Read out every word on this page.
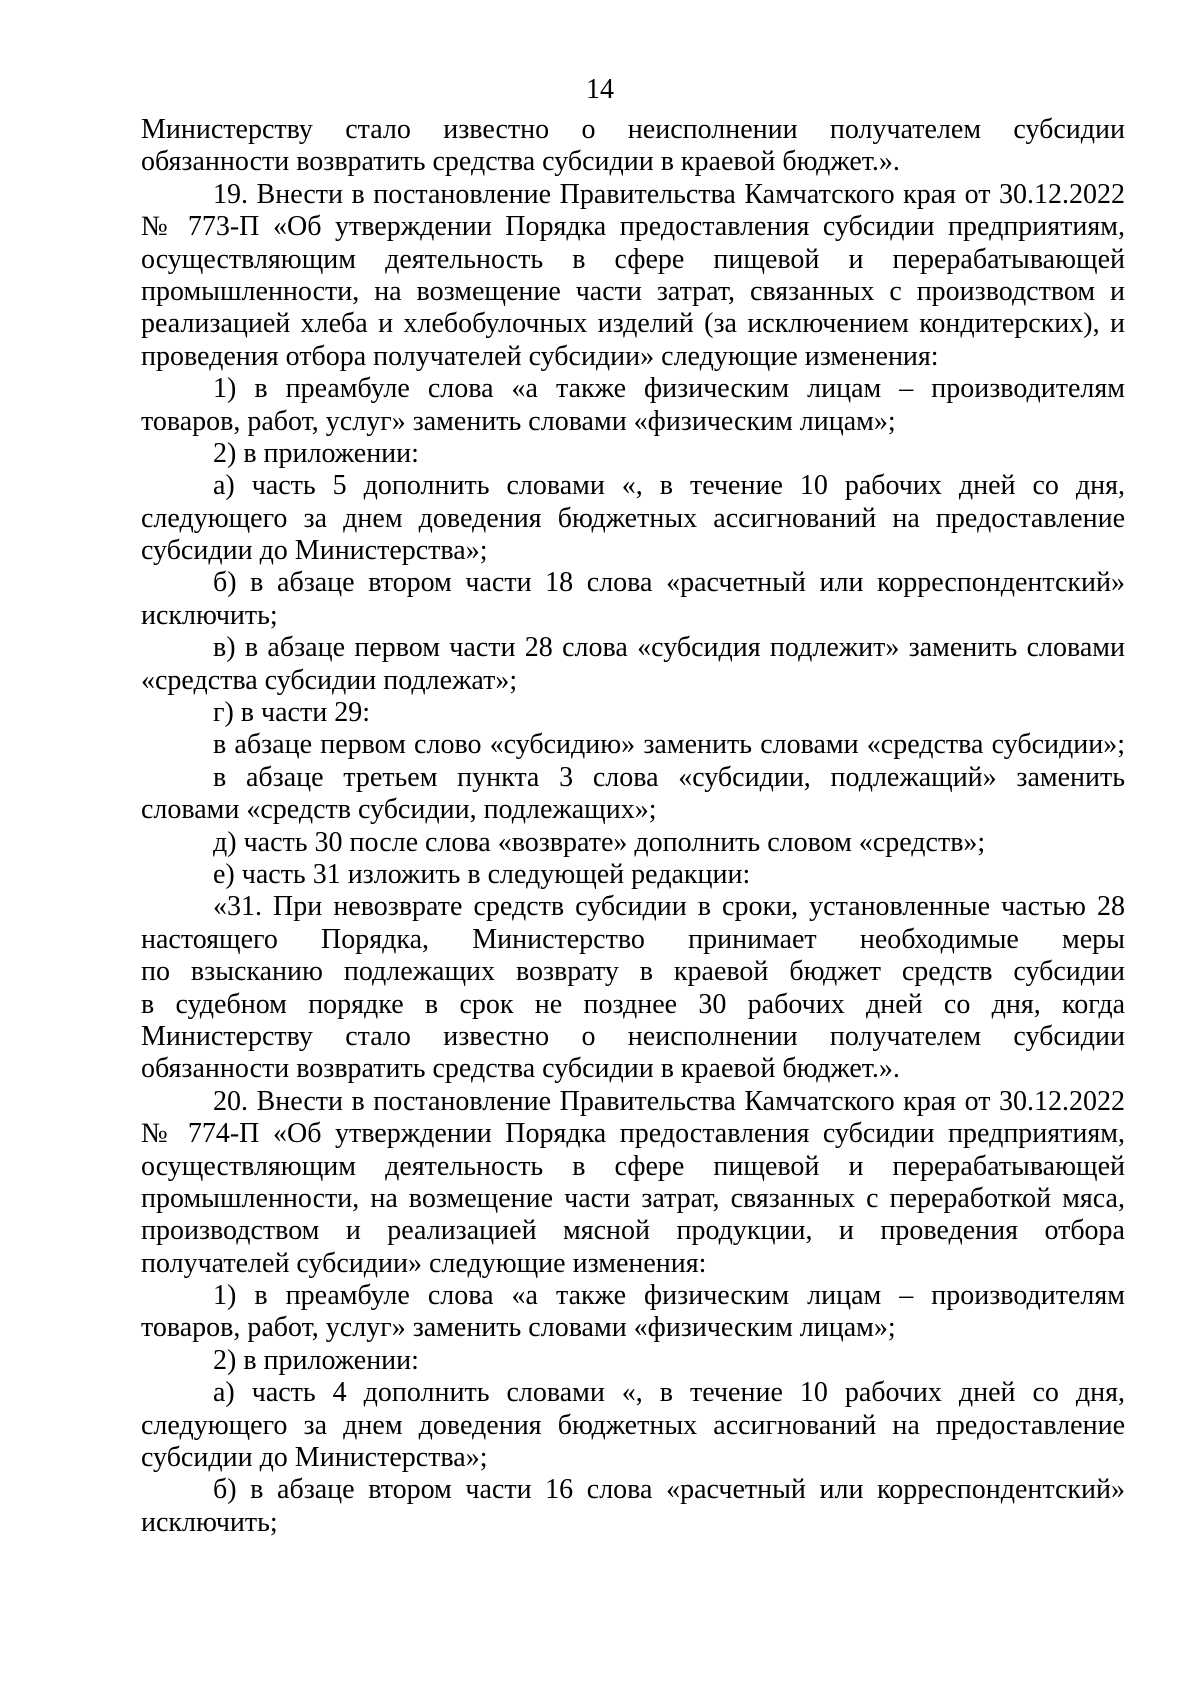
14
Министерству стало известно о неисполнении получателем субсидии
обязанности возвратить средства субсидии в краевой бюджет.».
19. Внести в постановление Правительства Камчатского края от 30.12.2022
№ 773-П «Об утверждении Порядка предоставления субсидии предприятиям,
осуществляющим деятельность в сфере пищевой и перерабатывающей
промышленности, на возмещение части затрат, связанных с производством и
реализацией хлеба и хлебобулочных изделий (за исключением кондитерских), и
проведения отбора получателей субсидии» следующие изменения:
1) в преамбуле слова «а также физическим лицам – производителям
товаров, работ, услуг» заменить словами «физическим лицам»;
2) в приложении:
а) часть 5 дополнить словами «, в течение 10 рабочих дней со дня,
следующего за днем доведения бюджетных ассигнований на предоставление
субсидии до Министерства»;
б) в абзаце втором части 18 слова «расчетный или корреспондентский»
исключить;
в) в абзаце первом части 28 слова «субсидия подлежит» заменить словами
«средства субсидии подлежат»;
г) в части 29:
в абзаце первом слово «субсидию» заменить словами «средства субсидии»;
в абзаце третьем пункта 3 слова «субсидии, подлежащий» заменить
словами «средств субсидии, подлежащих»;
д) часть 30 после слова «возврате» дополнить словом «средств»;
е) часть 31 изложить в следующей редакции:
«31. При невозврате средств субсидии в сроки, установленные частью 28
настоящего Порядка, Министерство принимает необходимые меры
по взысканию подлежащих возврату в краевой бюджет средств субсидии
в судебном порядке в срок не позднее 30 рабочих дней со дня, когда
Министерству стало известно о неисполнении получателем субсидии
обязанности возвратить средства субсидии в краевой бюджет.».
20. Внести в постановление Правительства Камчатского края от 30.12.2022
№ 774-П «Об утверждении Порядка предоставления субсидии предприятиям,
осуществляющим деятельность в сфере пищевой и перерабатывающей
промышленности, на возмещение части затрат, связанных с переработкой мяса,
производством и реализацией мясной продукции, и проведения отбора
получателей субсидии» следующие изменения:
1) в преамбуле слова «а также физическим лицам – производителям
товаров, работ, услуг» заменить словами «физическим лицам»;
2) в приложении:
а) часть 4 дополнить словами «, в течение 10 рабочих дней со дня,
следующего за днем доведения бюджетных ассигнований на предоставление
субсидии до Министерства»;
б) в абзаце втором части 16 слова «расчетный или корреспондентский»
исключить;
